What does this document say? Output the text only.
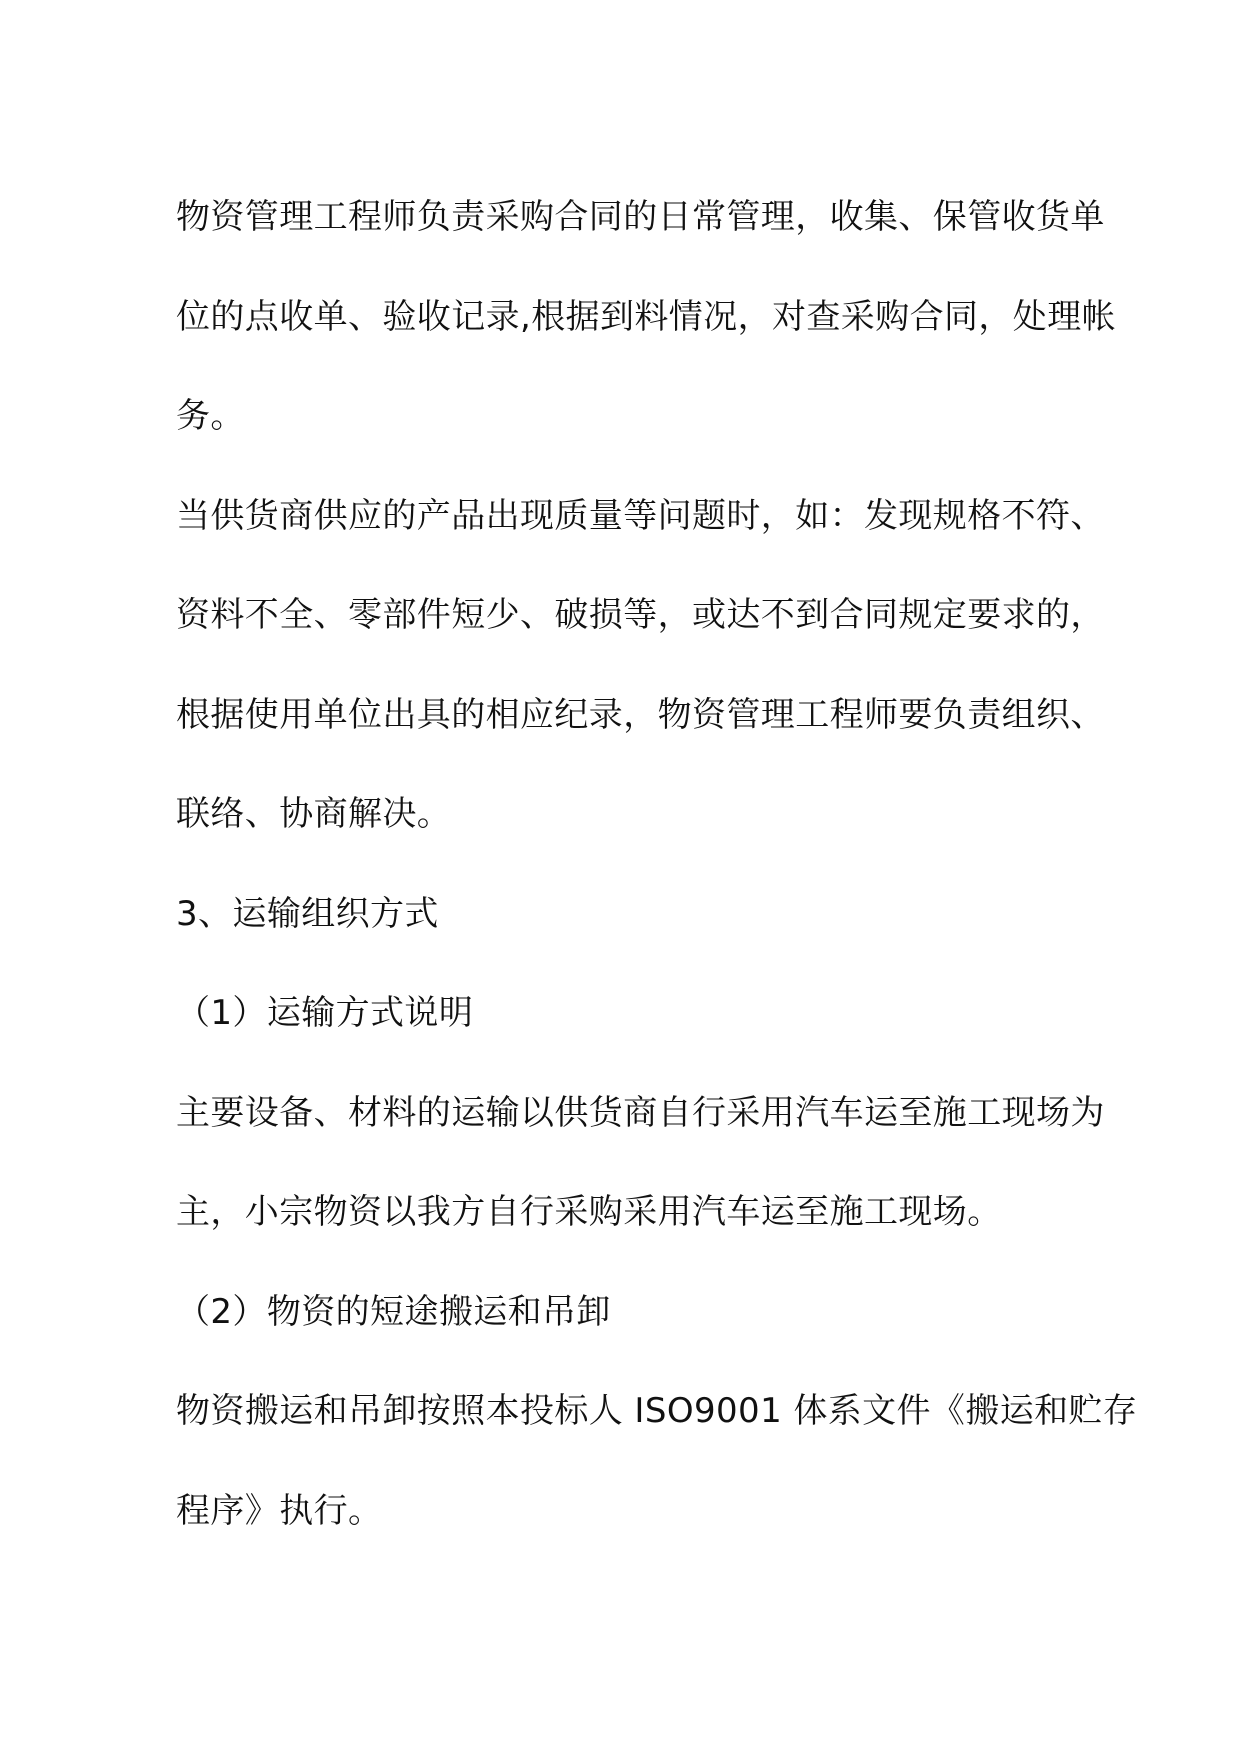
物资管理工程师负责采购合同的日常管理，收集、保管收货单
位的点收单、验收记录,根据到料情况，对查采购合同，处理帐
务。
当供货商供应的产品出现质量等问题时，如：发现规格不符、
资料不全、零部件短少、破损等，或达不到合同规定要求的，
根据使用单位出具的相应纪录，物资管理工程师要负责组织、
联络、协商解决。
3、运输组织方式
（1）运输方式说明
主要设备、材料的运输以供货商自行采用汽车运至施工现场为
主，小宗物资以我方自行采购采用汽车运至施工现场。
（2）物资的短途搬运和吊卸
物资搬运和吊卸按照本投标人 ISO9001 体系文件《搬运和贮存
程序》执行。
